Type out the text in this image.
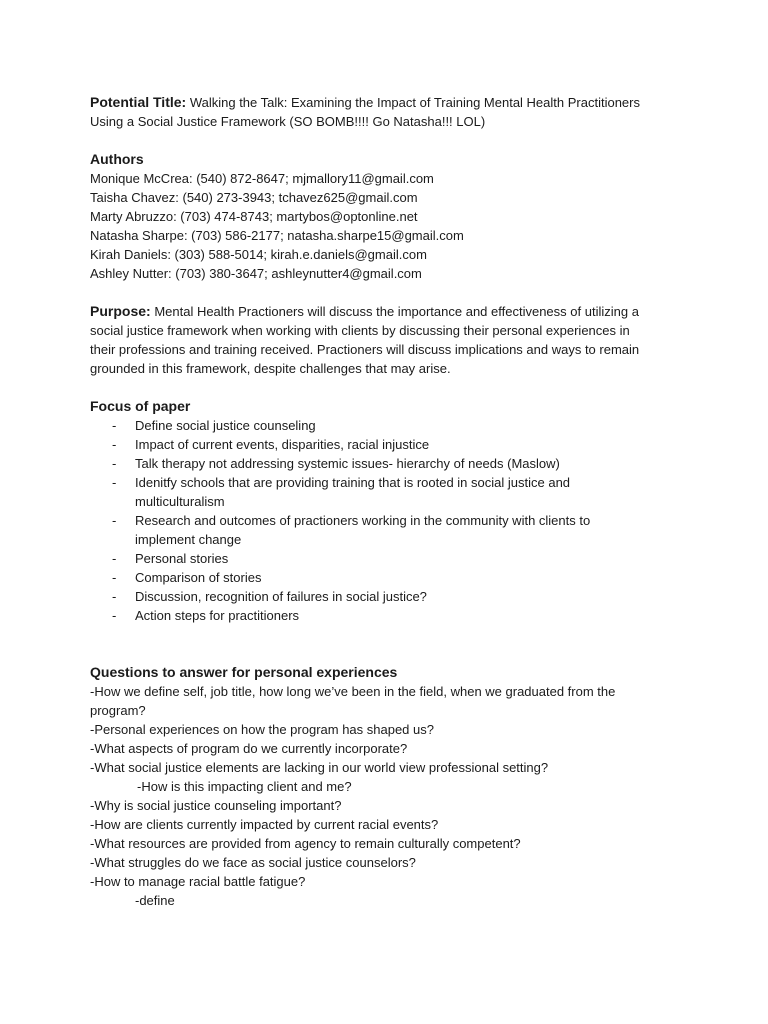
Potential Title: Walking the Talk: Examining the Impact of Training Mental Health Practitioners
Using a Social Justice Framework (SO BOMB!!!! Go Natasha!!! LOL)
Authors
Monique McCrea: (540) 872-8647; mjmallory11@gmail.com
Taisha Chavez: (540) 273-3943; tchavez625@gmail.com
Marty Abruzzo: (703) 474-8743; martybos@optonline.net
Natasha Sharpe: (703) 586-2177; natasha.sharpe15@gmail.com
Kirah Daniels: (303) 588-5014; kirah.e.daniels@gmail.com
Ashley Nutter: (703) 380-3647; ashleynutter4@gmail.com
Purpose: Mental Health Practioners will discuss the importance and effectiveness of utilizing a
social justice framework when working with clients by discussing their personal experiences in
their professions and training received. Practioners will discuss implications and ways to remain
grounded in this framework, despite challenges that may arise.
Focus of paper
- Define social justice counseling
- Impact of current events, disparities, racial injustice
- Talk therapy not addressing systemic issues- hierarchy of needs (Maslow)
- Idenitfy schools that are providing training that is rooted in social justice and
multiculturalism
- Research and outcomes of practioners working in the community with clients to
implement change
- Personal stories
- Comparison of stories
- Discussion, recognition of failures in social justice?
- Action steps for practitioners
Questions to answer for personal experiences
-How we define self, job title, how long we’ve been in the field, when we graduated from the
program?
-Personal experiences on how the program has shaped us?
-What aspects of program do we currently incorporate?
-What social justice elements are lacking in our world view professional setting?
-How is this impacting client and me?
-Why is social justice counseling important?
-How are clients currently impacted by current racial events?
-What resources are provided from agency to remain culturally competent?
-What struggles do we face as social justice counselors?
-How to manage racial battle fatigue?
-define
